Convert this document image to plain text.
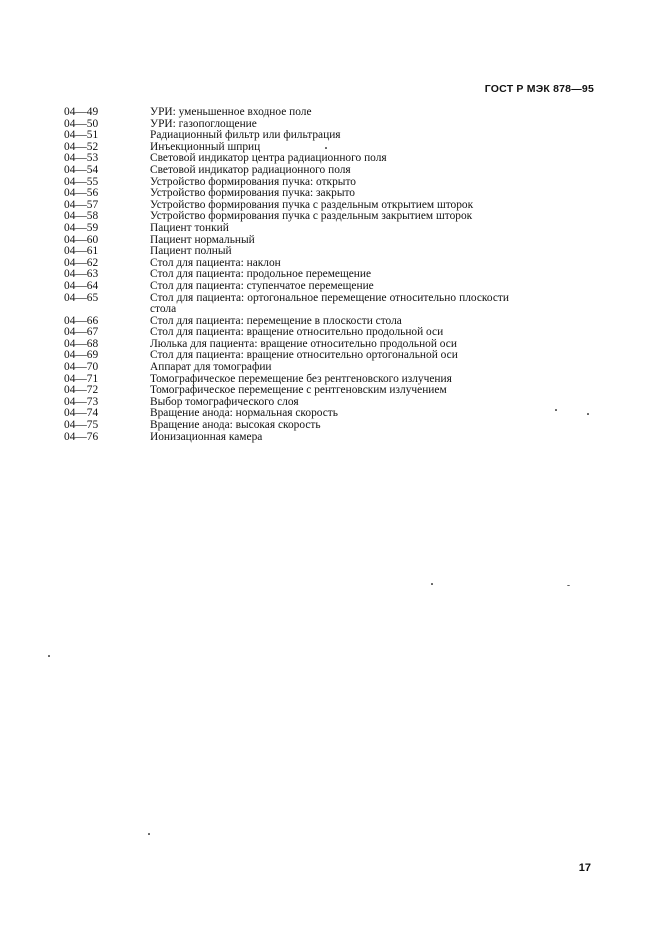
ГОСТ Р МЭК 878—95
04—49	УРИ: уменьшенное входное поле
04—50	УРИ: газопоглощение
04—51	Радиационный фильтр или фильтрация
04—52	Инъекционный шприц
04—53	Световой индикатор центра радиационного поля
04—54	Световой индикатор радиационного поля
04—55	Устройство формирования пучка: открыто
04—56	Устройство формирования пучка: закрыто
04—57	Устройство формирования пучка с раздельным открытием шторок
04—58	Устройство формирования пучка с раздельным закрытием шторок
04—59	Пациент тонкий
04—60	Пациент нормальный
04—61	Пациент полный
04—62	Стол для пациента: наклон
04—63	Стол для пациента: продольное перемещение
04—64	Стол для пациента: ступенчатое перемещение
04—65	Стол для пациента: ортогональное перемещение относительно плоскости стола
04—66	Стол для пациента: перемещение в плоскости стола
04—67	Стол для пациента: вращение относительно продольной оси
04—68	Люлька для пациента: вращение относительно продольной оси
04—69	Стол для пациента: вращение относительно ортогональной оси
04—70	Аппарат для томографии
04—71	Томографическое перемещение без рентгеновского излучения
04—72	Томографическое перемещение с рентгеновским излучением
04—73	Выбор томографического слоя
04—74	Вращение анода: нормальная скорость
04—75	Вращение анода: высокая скорость
04—76	Ионизационная камера
17
